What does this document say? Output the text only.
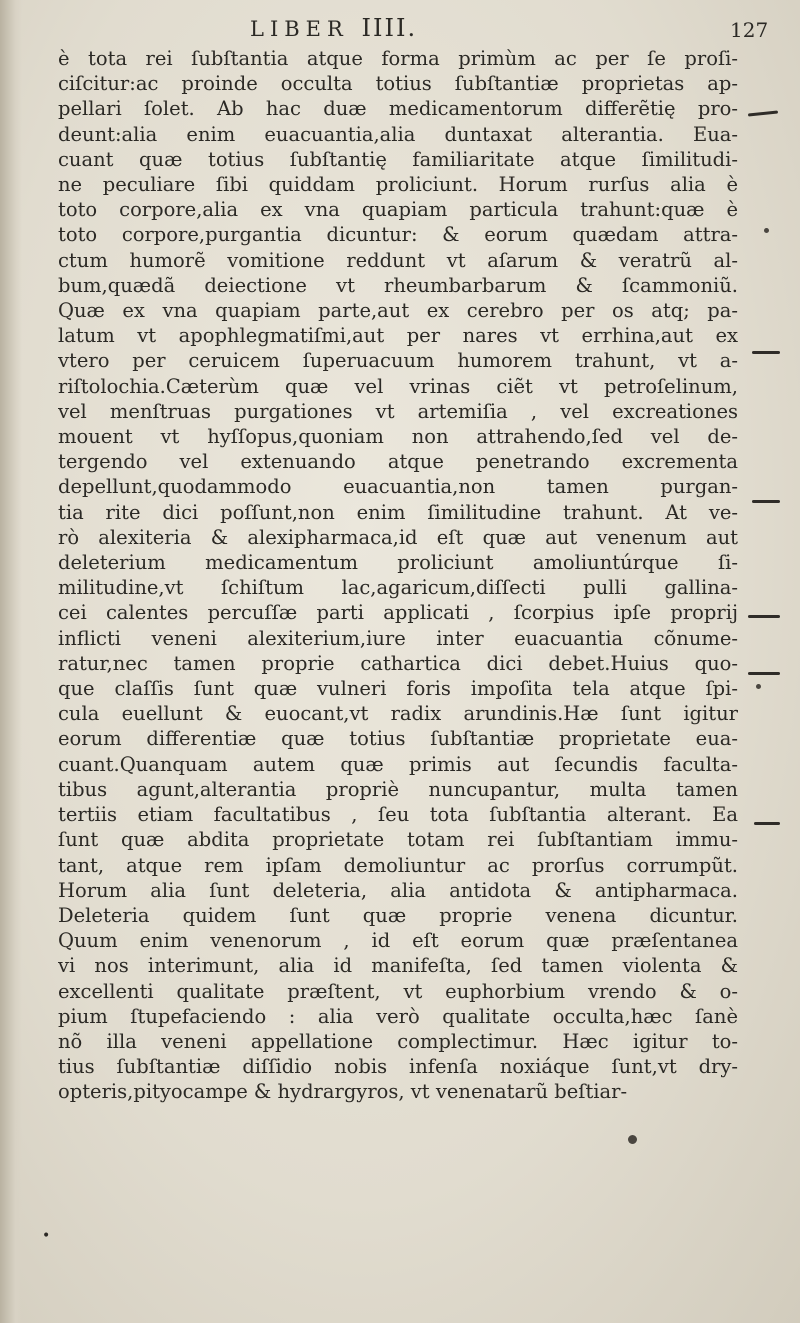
LIBER IIII.	127
è tota rei ſubſtantia atque forma primùm ac per ſe proſi-
ciſcitur:ac proinde occulta totius ſubſtantiæ proprietas ap-
pellari ſolet. Ab hac duæ medicamentorum differẽtię pro-
deunt:alia enim euacuantia,alia duntaxat alterantia. Eua-
cuant quæ totius ſubſtantię familiaritate atque ſimilitudi-
ne peculiare ſibi quiddam proliciunt. Horum rurſus alia è
toto corpore,alia ex vna quapiam particula trahunt:quæ è
toto corpore,purgantia dicuntur: & eorum quædam attra-
ctum humorẽ vomitione reddunt vt aſarum & veratrũ al-
bum,quædã deiectione vt rheumbarbarum & ſcammoniũ.
Quæ ex vna quapiam parte,aut ex cerebro per os atq; pa-
latum vt apophlegmatiſmi,aut per nares vt errhina,aut ex
vtero per ceruicem ſuperuacuum humorem trahunt, vt a-
riſtolochia.Cæterùm quæ vel vrinas ciẽt vt petroſelinum,
vel menſtruas purgationes vt artemiſia , vel excreationes
mouent vt hyſſopus,quoniam non attrahendo,ſed vel de-
tergendo vel extenuando atque penetrando excrementa
depellunt,quodammodo euacuantia,non tamen purgan-
tia rite dici poſſunt,non enim ſimilitudine trahunt. At ve-
rò alexiteria & alexipharmaca,id eſt quæ aut venenum aut
deleterium medicamentum proliciunt amoliuntúrque ſi-
militudine,vt ſchiſtum lac,agaricum,diſſecti pulli gallina-
cei calentes percuſſæ parti applicati , ſcorpius ipſe proprij
inflicti veneni alexiterium,iure inter euacuantia cõnume-
ratur,nec tamen proprie cathartica dici debet.Huius quo-
que claſſis ſunt quæ vulneri foris impoſita tela atque ſpi-
cula euellunt & euocant,vt radix arundinis.Hæ ſunt igitur
eorum differentiæ quæ totius ſubſtantiæ proprietate eua-
cuant.Quanquam autem quæ primis aut ſecundis faculta-
tibus agunt,alterantia propriè nuncupantur, multa tamen
tertiis etiam facultatibus , ſeu tota ſubſtantia alterant. Ea
ſunt quæ abdita proprietate totam rei ſubſtantiam immu-
tant, atque rem ipſam demoliuntur ac prorſus corrumpũt.
Horum alia ſunt deleteria, alia antidota & antipharmaca.
Deleteria quidem ſunt quæ proprie venena dicuntur.
Quum enim venenorum , id eſt eorum quæ præſentanea
vi nos interimunt, alia id manifeſta, ſed tamen violenta &
excellenti qualitate præſtent, vt euphorbium vrendo & o-
pium ſtupefaciendo : alia verò qualitate occulta,hæc ſanè
nõ illa veneni appellatione complectimur. Hæc igitur to-
tius ſubſtantiæ diſſidio nobis infenſa noxiáque ſunt,vt dry-
opteris,pityocampe & hydrargyros, vt venenatarũ beſtiar-
•
